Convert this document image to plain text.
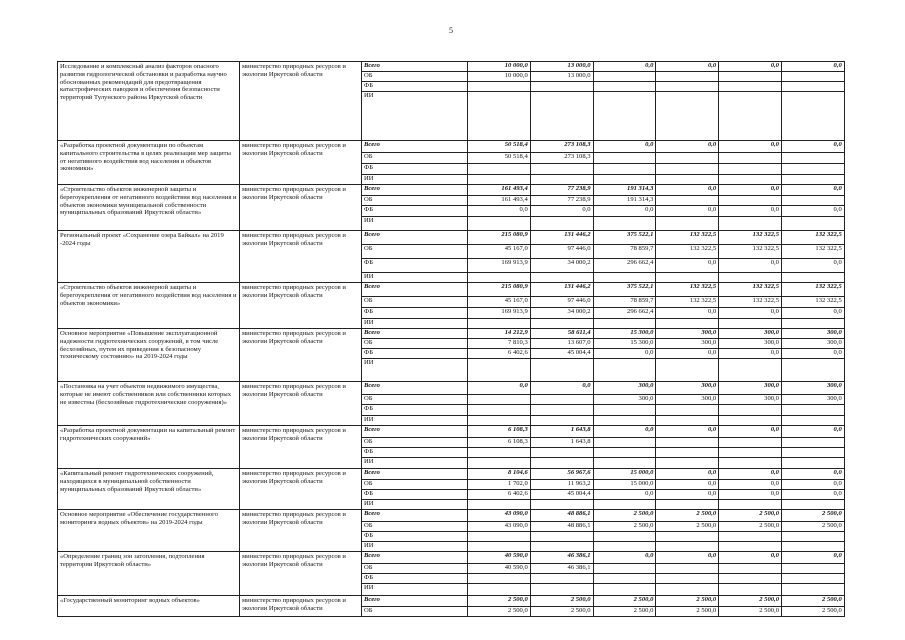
5
Исследование и комплексный анализ факторов опасного развития гидрологической обстановки и разработка научно обоснованных рекомендаций для предотвращения катастрофических паводков и обеспечения безопасности территорий Тулунского района Иркутской области	министерство природных ресурсов и экологии Иркутской области	Всего	10 000,0	13 000,0	0,0	0,0	0,0	0,0
		ОБ	10 000,0	13 000,0				
		ФБ						
		ИИ						
«Разработка проектной документации по объектам капитального строительства в целях реализации мер защиты от негативного воздействия вод населения и объектов экономики»	министерство природных ресурсов и экологии Иркутской области	Всего	50 518,4	273 108,3	0,0	0,0	0,0	0,0
		ОБ	50 518,4	273 108,3				
		ФБ						
		ИИ						
«Строительство объектов инженерной защиты и берегоукрепления от негативного воздействия вод населения и объектов экономики муниципальной собственности муниципальных образований Иркутской области»	министерство природных ресурсов и экологии Иркутской области	Всего	161 493,4	77 238,9	191 314,3	0,0	0,0	0,0
		ОБ	161 493,4	77 238,9	191 314,3			
		ФБ	0,0	0,0	0,0	0,0	0,0	0,0
		ИИ						
Региональный проект «Сохранение озера Байкал» на 2019 -2024 годы	министерство природных ресурсов и экологии Иркутской области	Всего	215 080,9	131 446,2	375 522,1	132 322,5	132 322,5	132 322,5
		ОБ	45 167,0	97 446,0	78 859,7	132 322,5	132 322,5	132 322,5
		ФБ	169 913,9	34 000,2	296 662,4	0,0	0,0	0,0
		ИИ						
«Строительство объектов инженерной защиты и берегоукрепления от негативного воздействия вод населения и объектов экономики»	министерство природных ресурсов и экологии Иркутской области	Всего	215 080,9	131 446,2	375 522,1	132 322,5	132 322,5	132 322,5
		ОБ	45 167,0	97 446,0	78 859,7	132 322,5	132 322,5	132 322,5
		ФБ	169 913,9	34 000,2	296 662,4	0,0	0,0	0,0
		ИИ						
Основное мероприятие «Повышение эксплуатационной надежности гидротехнических сооружений, в том числе бесхозяйных, путем их приведения к безопасному техническому состоянию» на 2019-2024 годы	министерство природных ресурсов и экологии Иркутской области	Всего	14 212,9	58 611,4	15 300,0	300,0	300,0	300,0
		ОБ	7 810,3	13 607,0	15 300,0	300,0	300,0	300,0
		ФБ	6 402,6	45 004,4	0,0	0,0	0,0	0,0
		ИИ						
«Постановка на учет объектов недвижимого имущества, которые не имеют собственников или собственники которых не известны (бесхозяйные гидротехнические сооружения)»	министерство природных ресурсов и экологии Иркутской области	Всего	0,0	0,0	300,0	300,0	300,0	300,0
		ОБ			300,0	300,0	300,0	300,0
		ФБ						
		ИИ						
«Разработка проектной документации на капитальный ремонт гидротехнических сооружений»	министерство природных ресурсов и экологии Иркутской области	Всего	6 108,3	1 643,8	0,0	0,0	0,0	0,0
		ОБ	6 108,3	1 643,8				
		ФБ						
		ИИ						
«Капитальный ремонт гидротехнических сооружений, находящихся в муниципальной собственности муниципальных образований Иркутской области»	министерство природных ресурсов и экологии Иркутской области	Всего	8 104,6	56 967,6	15 000,0	0,0	0,0	0,0
		ОБ	1 702,0	11 963,2	15 000,0	0,0	0,0	0,0
		ФБ	6 402,6	45 004,4	0,0	0,0	0,0	0,0
		ИИ						
Основное мероприятие «Обеспечение государственного мониторинга водных объектов» на 2019-2024 годы	министерство природных ресурсов и экологии Иркутской области	Всего	43 090,0	48 886,1	2 500,0	2 500,0	2 500,0	2 500,0
		ОБ	43 090,0	48 886,1	2 500,0	2 500,0	2 500,0	2 500,0
		ФБ						
		ИИ						
«Определение границ зон затопления, подтопления территории Иркутской области»	министерство природных ресурсов и экологии Иркутской области	Всего	40 590,0	46 386,1	0,0	0,0	0,0	0,0
		ОБ	40 590,0	46 386,1				
		ФБ						
		ИИ						
«Государственный мониторинг водных объектов»	министерство природных ресурсов и экологии Иркутской области	Всего	2 500,0	2 500,0	2 500,0	2 500,0	2 500,0	2 500,0
		ОБ	2 500,0	2 500,0	2 500,0	2 500,0	2 500,0	2 500,0
